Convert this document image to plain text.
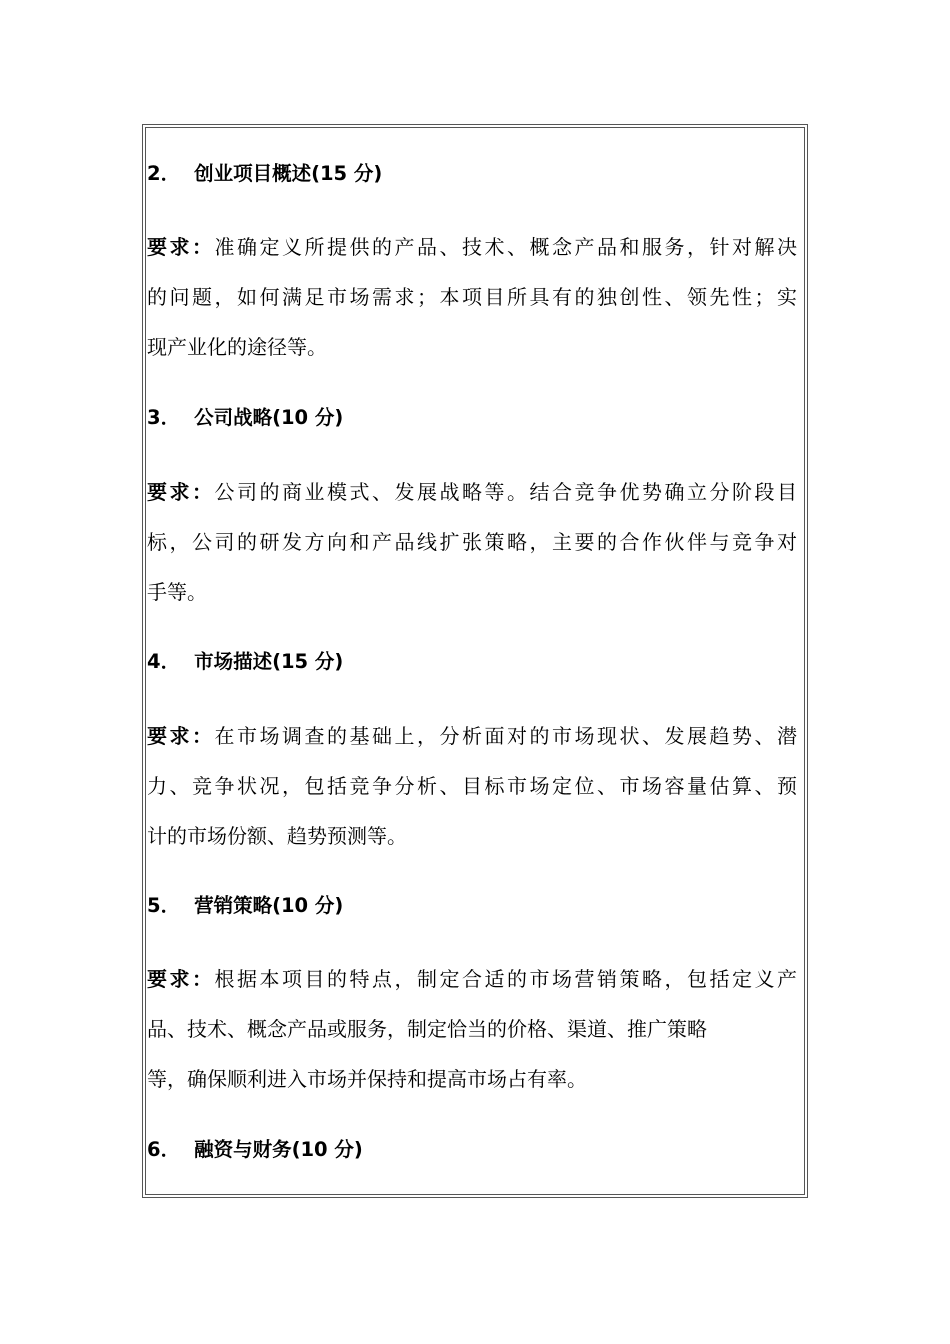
2． 创业项目概述(15 分)
要求：准确定义所提供的产品、技术、概念产品和服务，针对解决
的问题，如何满足市场需求；本项目所具有的独创性、领先性；实
现产业化的途径等。
3． 公司战略(10 分)
要求：公司的商业模式、发展战略等。结合竞争优势确立分阶段目
标，公司的研发方向和产品线扩张策略，主要的合作伙伴与竞争对
手等。
4． 市场描述(15 分)
要求：在市场调查的基础上，分析面对的市场现状、发展趋势、潜
力、竞争状况，包括竞争分析、目标市场定位、市场容量估算、预
计的市场份额、趋势预测等。
5． 营销策略(10 分)
要求：根据本项目的特点，制定合适的市场营销策略，包括定义产
品、技术、概念产品或服务，制定恰当的价格、渠道、推广策略
等，确保顺利进入市场并保持和提高市场占有率。
6． 融资与财务(10 分)
